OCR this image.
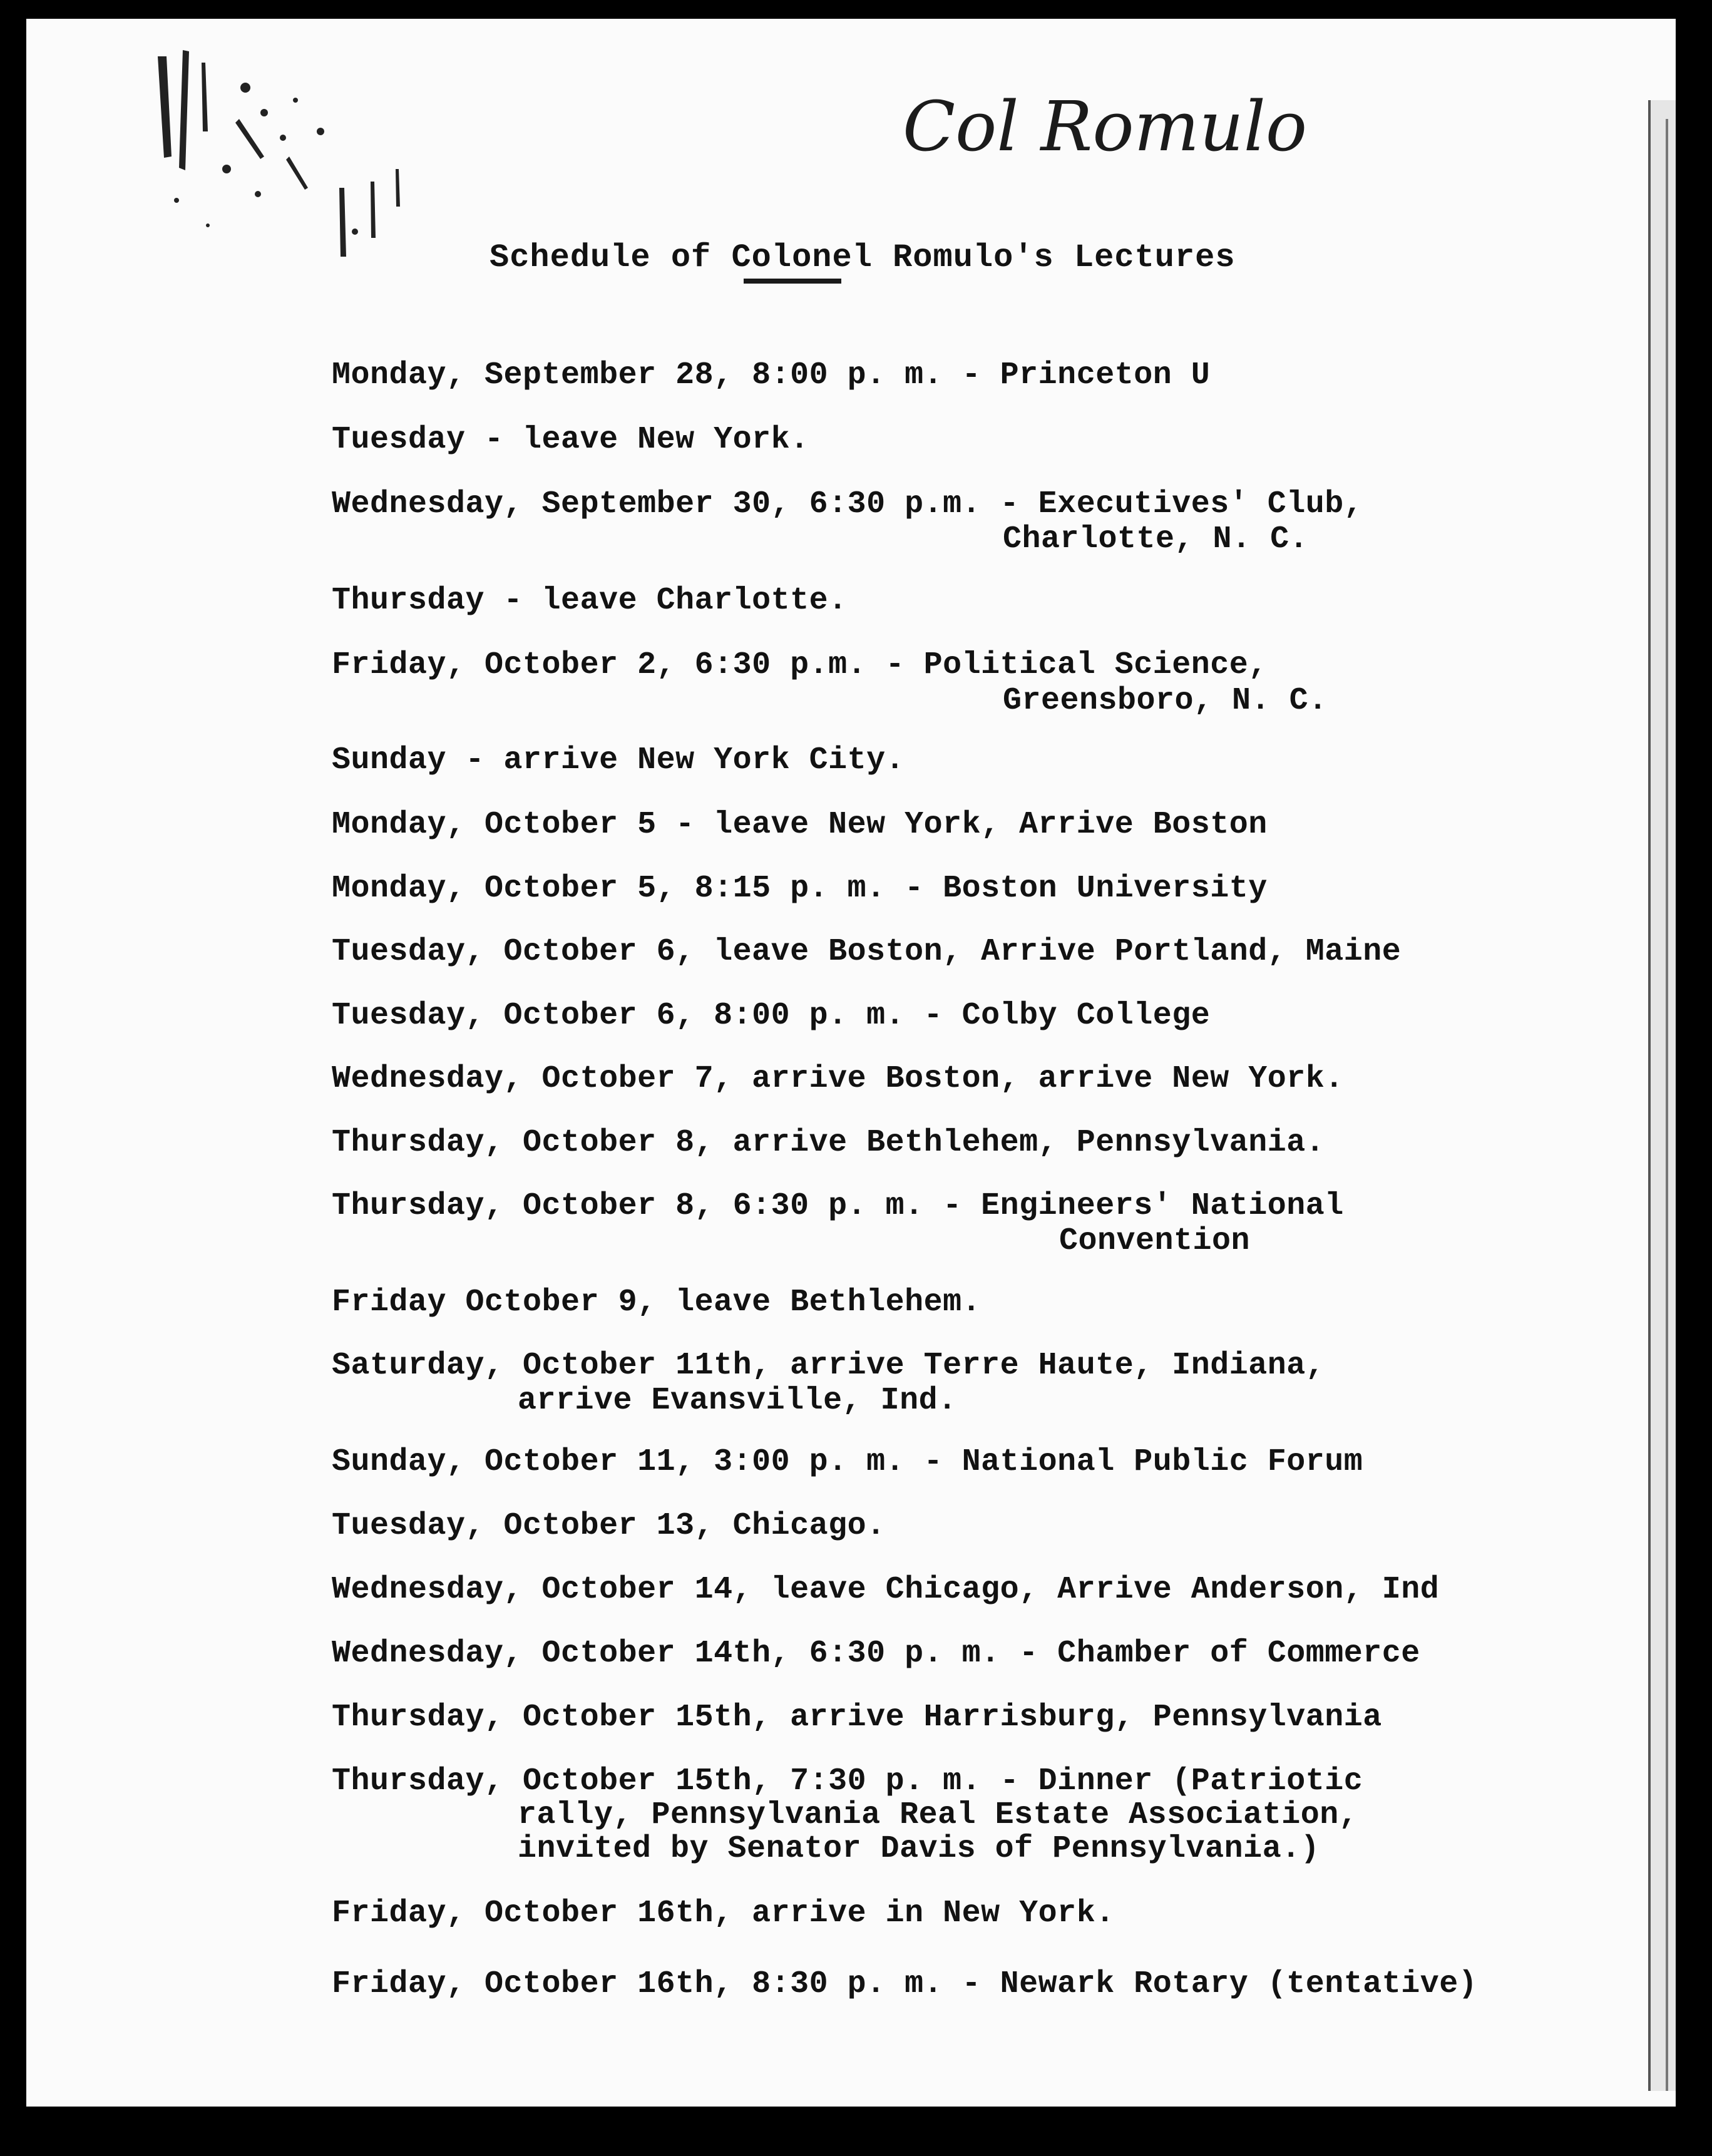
Col Romulo
Schedule of Colonel Romulo's Lectures
Monday, September 28, 8:00 p. m. - Princeton U
Tuesday - leave New York.
Wednesday, September 30, 6:30 p.m. - Executives' Club,
Charlotte, N. C.
Thursday - leave Charlotte.
Friday, October 2, 6:30 p.m. - Political Science,
Greensboro, N. C.
Sunday - arrive New York City.
Monday, October 5 - leave New York, Arrive Boston
Monday, October 5, 8:15 p. m. - Boston University
Tuesday, October 6, leave Boston, Arrive Portland, Maine
Tuesday, October 6, 8:00 p. m. - Colby College
Wednesday, October 7, arrive Boston, arrive New York.
Thursday, October 8, arrive Bethlehem, Pennsylvania.
Thursday, October 8, 6:30 p. m. - Engineers' National
Convention
Friday October 9, leave Bethlehem.
Saturday, October 11th, arrive Terre Haute, Indiana,
arrive Evansville, Ind.
Sunday, October 11, 3:00 p. m. - National Public Forum
Tuesday, October 13, Chicago.
Wednesday, October 14, leave Chicago, Arrive Anderson, Ind
Wednesday, October 14th, 6:30 p. m. - Chamber of Commerce
Thursday, October 15th, arrive Harrisburg, Pennsylvania
Thursday, October 15th, 7:30 p. m. - Dinner (Patriotic
rally, Pennsylvania Real Estate Association,
invited by Senator Davis of Pennsylvania.)
Friday, October 16th, arrive in New York.
Friday, October 16th, 8:30 p. m. - Newark Rotary (tentative)
